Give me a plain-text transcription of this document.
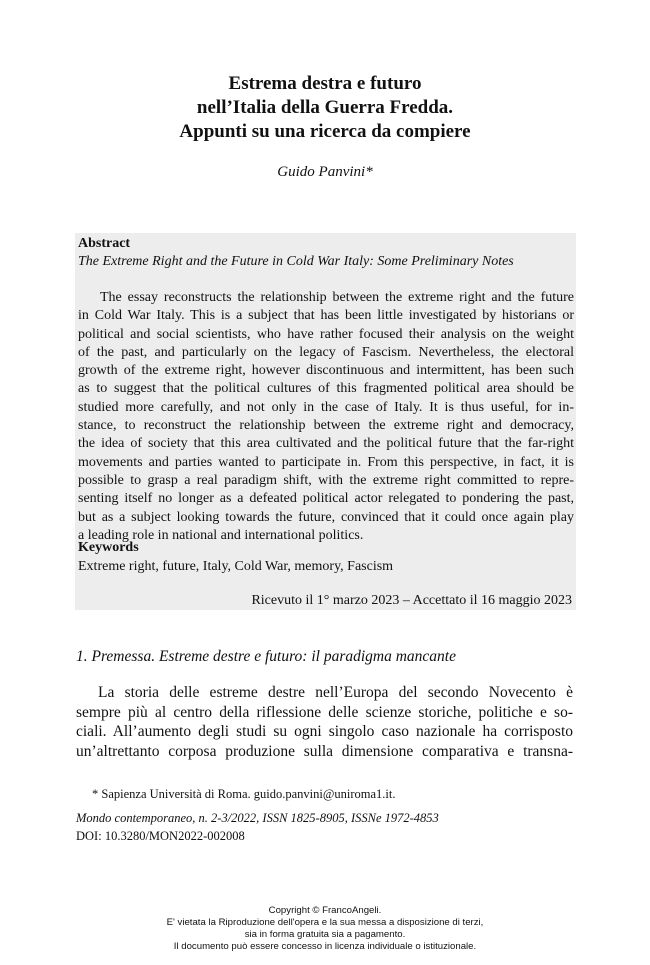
Estrema destra e futuro
nell’Italia della Guerra Fredda.
Appunti su una ricerca da compiere
Guido Panvini*
Abstract
The Extreme Right and the Future in Cold War Italy: Some Preliminary Notes
The essay reconstructs the relationship between the extreme right and the future
in Cold War Italy. This is a subject that has been little investigated by historians or
political and social scientists, who have rather focused their analysis on the weight
of the past, and particularly on the legacy of Fascism. Nevertheless, the electoral
growth of the extreme right, however discontinuous and intermittent, has been such
as to suggest that the political cultures of this fragmented political area should be
studied more carefully, and not only in the case of Italy. It is thus useful, for in-
stance, to reconstruct the relationship between the extreme right and democracy,
the idea of society that this area cultivated and the political future that the far-right
movements and parties wanted to participate in. From this perspective, in fact, it is
possible to grasp a real paradigm shift, with the extreme right committed to repre-
senting itself no longer as a defeated political actor relegated to pondering the past,
but as a subject looking towards the future, convinced that it could once again play
a leading role in national and international politics.
Keywords
Extreme right, future, Italy, Cold War, memory, Fascism
Ricevuto il 1° marzo 2023 – Accettato il 16 maggio 2023
1. Premessa. Estreme destre e futuro: il paradigma mancante
La storia delle estreme destre nell’Europa del secondo Novecento è
sempre più al centro della riflessione delle scienze storiche, politiche e so-
ciali. All’aumento degli studi su ogni singolo caso nazionale ha corrisposto
un’altrettanto corposa produzione sulla dimensione comparativa e transna-
* Sapienza Università di Roma. guido.panvini@uniroma1.it.
Mondo contemporaneo, n. 2-3/2022, ISSN 1825-8905, ISSNe 1972-4853
DOI: 10.3280/MON2022-002008
Copyright © FrancoAngeli.
E' vietata la Riproduzione dell'opera e la sua messa a disposizione di terzi,
sia in forma gratuita sia a pagamento.
Il documento può essere concesso in licenza individuale o istituzionale.
